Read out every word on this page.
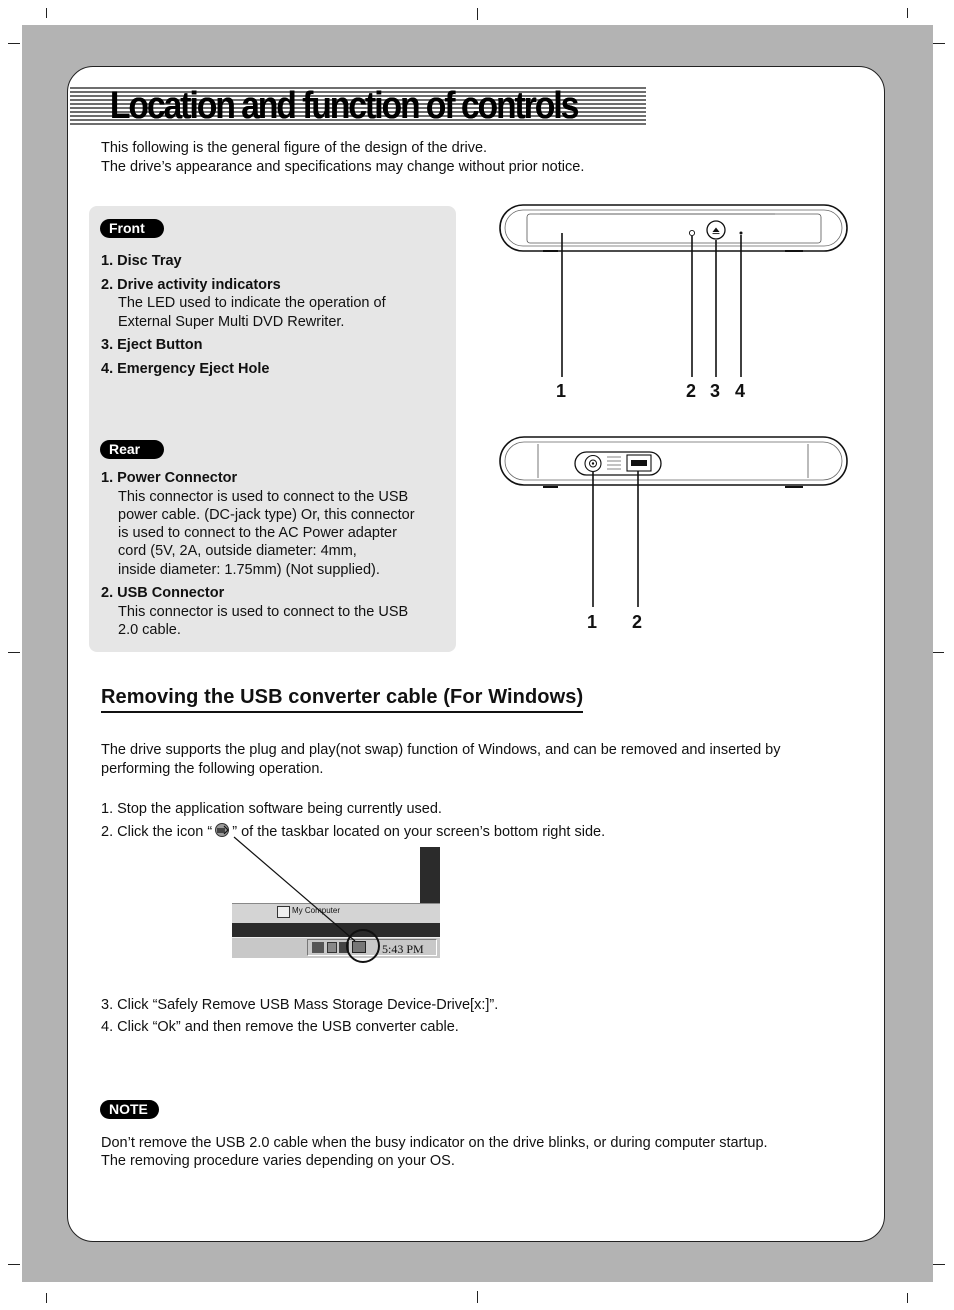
Location and function of controls
This following is the general figure of the design of the drive.
The drive’s appearance and specifications may change without prior notice.
Front
1. Disc Tray
2. Drive activity indicators
The LED used to indicate the operation of
External Super Multi DVD Rewriter.
3. Eject Button
4. Emergency Eject Hole
Rear
1. Power Connector
This connector is used to connect to the USB
power cable. (DC-jack type) Or, this connector
is used to connect to the AC Power adapter
cord (5V, 2A, outside diameter: 4mm,
inside diameter: 1.75mm) (Not supplied).
2. USB Connector
This connector is used to connect to the USB
2.0 cable.
1	2 3 4
1 2
Removing the USB converter cable (For Windows)
The drive supports the plug and play(not swap) function of Windows, and can be removed and inserted by
performing the following operation.
1. Stop the application software being currently used.
2. Click the icon “ ” of the taskbar located on your screen’s bottom right side.
My Computer
5:43 PM
3. Click “Safely Remove USB Mass Storage Device-Drive[x:]”.
4. Click “Ok” and then remove the USB converter cable.
NOTE
Don’t remove the USB 2.0 cable when the busy indicator on the drive blinks, or during computer startup.
The removing procedure varies depending on your OS.
